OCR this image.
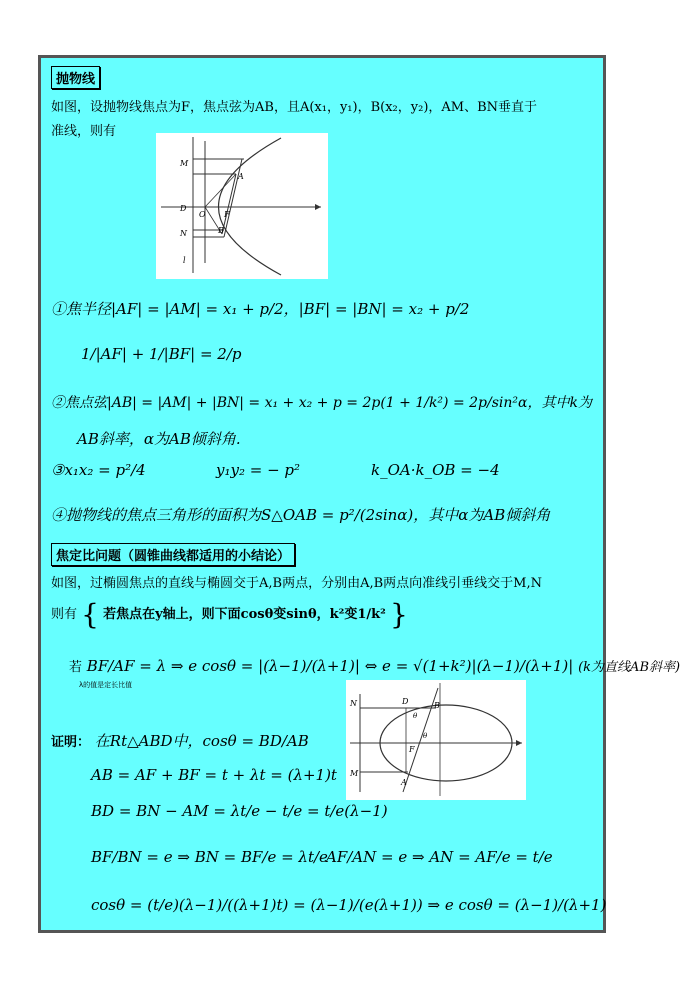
抛物线
如图，设抛物线焦点为F，焦点弦为AB，且A(x₁，y₁)，B(x₂，y₂)，AM、BN垂直于
准线，则有
M
A
D
O F
N	B
l
①焦半径|AF| = |AM| = x₁ + p/2，|BF| = |BN| = x₂ + p/2
1/|AF| + 1/|BF| = 2/p
②焦点弦|AB| = |AM| + |BN| = x₁ + x₂ + p = 2p(1 + 1/k²) = 2p/sin²α，其中k为
AB斜率，α为AB倾斜角.
③x₁x₂ = p²/4	y₁y₂ = − p²	k_OA·k_OB = −4
④抛物线的焦点三角形的面积为S△OAB = p²/(2sinα)，其中α为AB倾斜角
焦定比问题（圆锥曲线都适用的小结论）
如图，过椭圆焦点的直线与椭圆交于A,B两点，分别由A,B两点向准线引垂线交于M,N
则有 { 若焦点在y轴上，则下面cosθ变sinθ，k²变1/k² }
若 BF/AF = λ ⇒ e cosθ = |(λ−1)/(λ+1)| ⇔ e = √(1+k²)|(λ−1)/(λ+1)| (k为直线AB斜率)
λ的值是定长比值
N	D
θ
B
θ
F
M
A
证明： 在Rt△ABD中，cosθ = BD/AB
AB = AF + BF = t + λt = (λ+1)t
BD = BN − AM = λt/e − t/e = t/e(λ−1)
BF/BN = e ⇒ BN = BF/e = λt/e
AF/AN = e ⇒ AN = AF/e = t/e
cosθ = (t/e)(λ−1)/((λ+1)t) = (λ−1)/(e(λ+1)) ⇒ e cosθ = (λ−1)/(λ+1)
